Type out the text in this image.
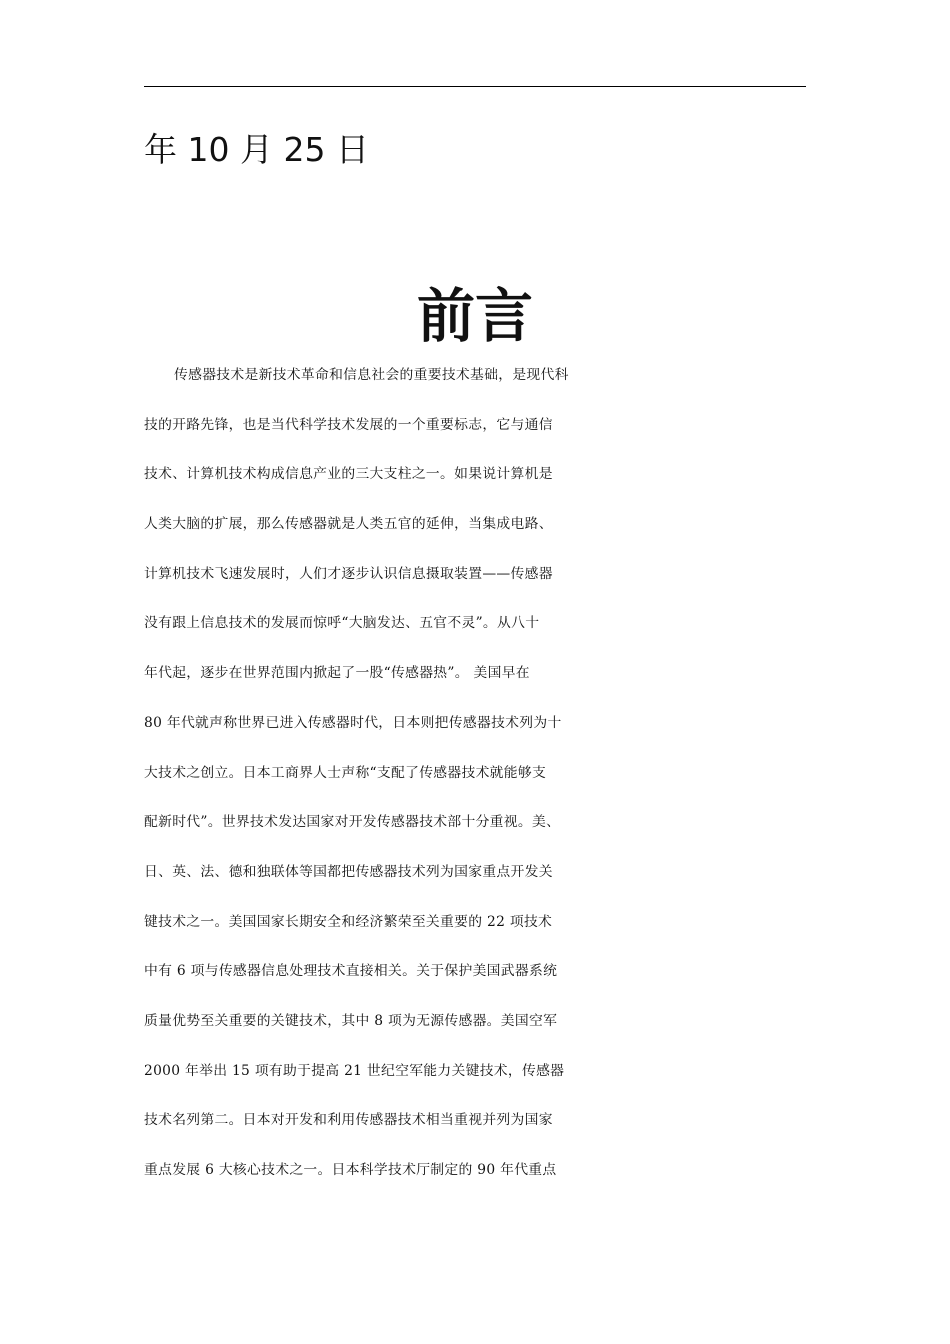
年 10 月 25 日
前言
传感器技术是新技术革命和信息社会的重要技术基础，是现代科
技的开路先锋，也是当代科学技术发展的一个重要标志，它与通信
技术、计算机技术构成信息产业的三大支柱之一。如果说计算机是
人类大脑的扩展，那么传感器就是人类五官的延伸，当集成电路、
计算机技术飞速发展时，人们才逐步认识信息摄取装置——传感器
没有跟上信息技术的发展而惊呼“大脑发达、五官不灵”。从八十
年代起，逐步在世界范围内掀起了一股“传感器热”。 美国早在
80 年代就声称世界已进入传感器时代，日本则把传感器技术列为十
大技术之创立。日本工商界人士声称“支配了传感器技术就能够支
配新时代”。世界技术发达国家对开发传感器技术部十分重视。美、
日、英、法、德和独联体等国都把传感器技术列为国家重点开发关
键技术之一。美国国家长期安全和经济繁荣至关重要的 22 项技术
中有 6 项与传感器信息处理技术直接相关。关于保护美国武器系统
质量优势至关重要的关键技术，其中 8 项为无源传感器。美国空军
2000 年举出 15 项有助于提高 21 世纪空军能力关键技术，传感器
技术名列第二。日本对开发和利用传感器技术相当重视并列为国家
重点发展 6 大核心技术之一。日本科学技术厅制定的 90 年代重点
